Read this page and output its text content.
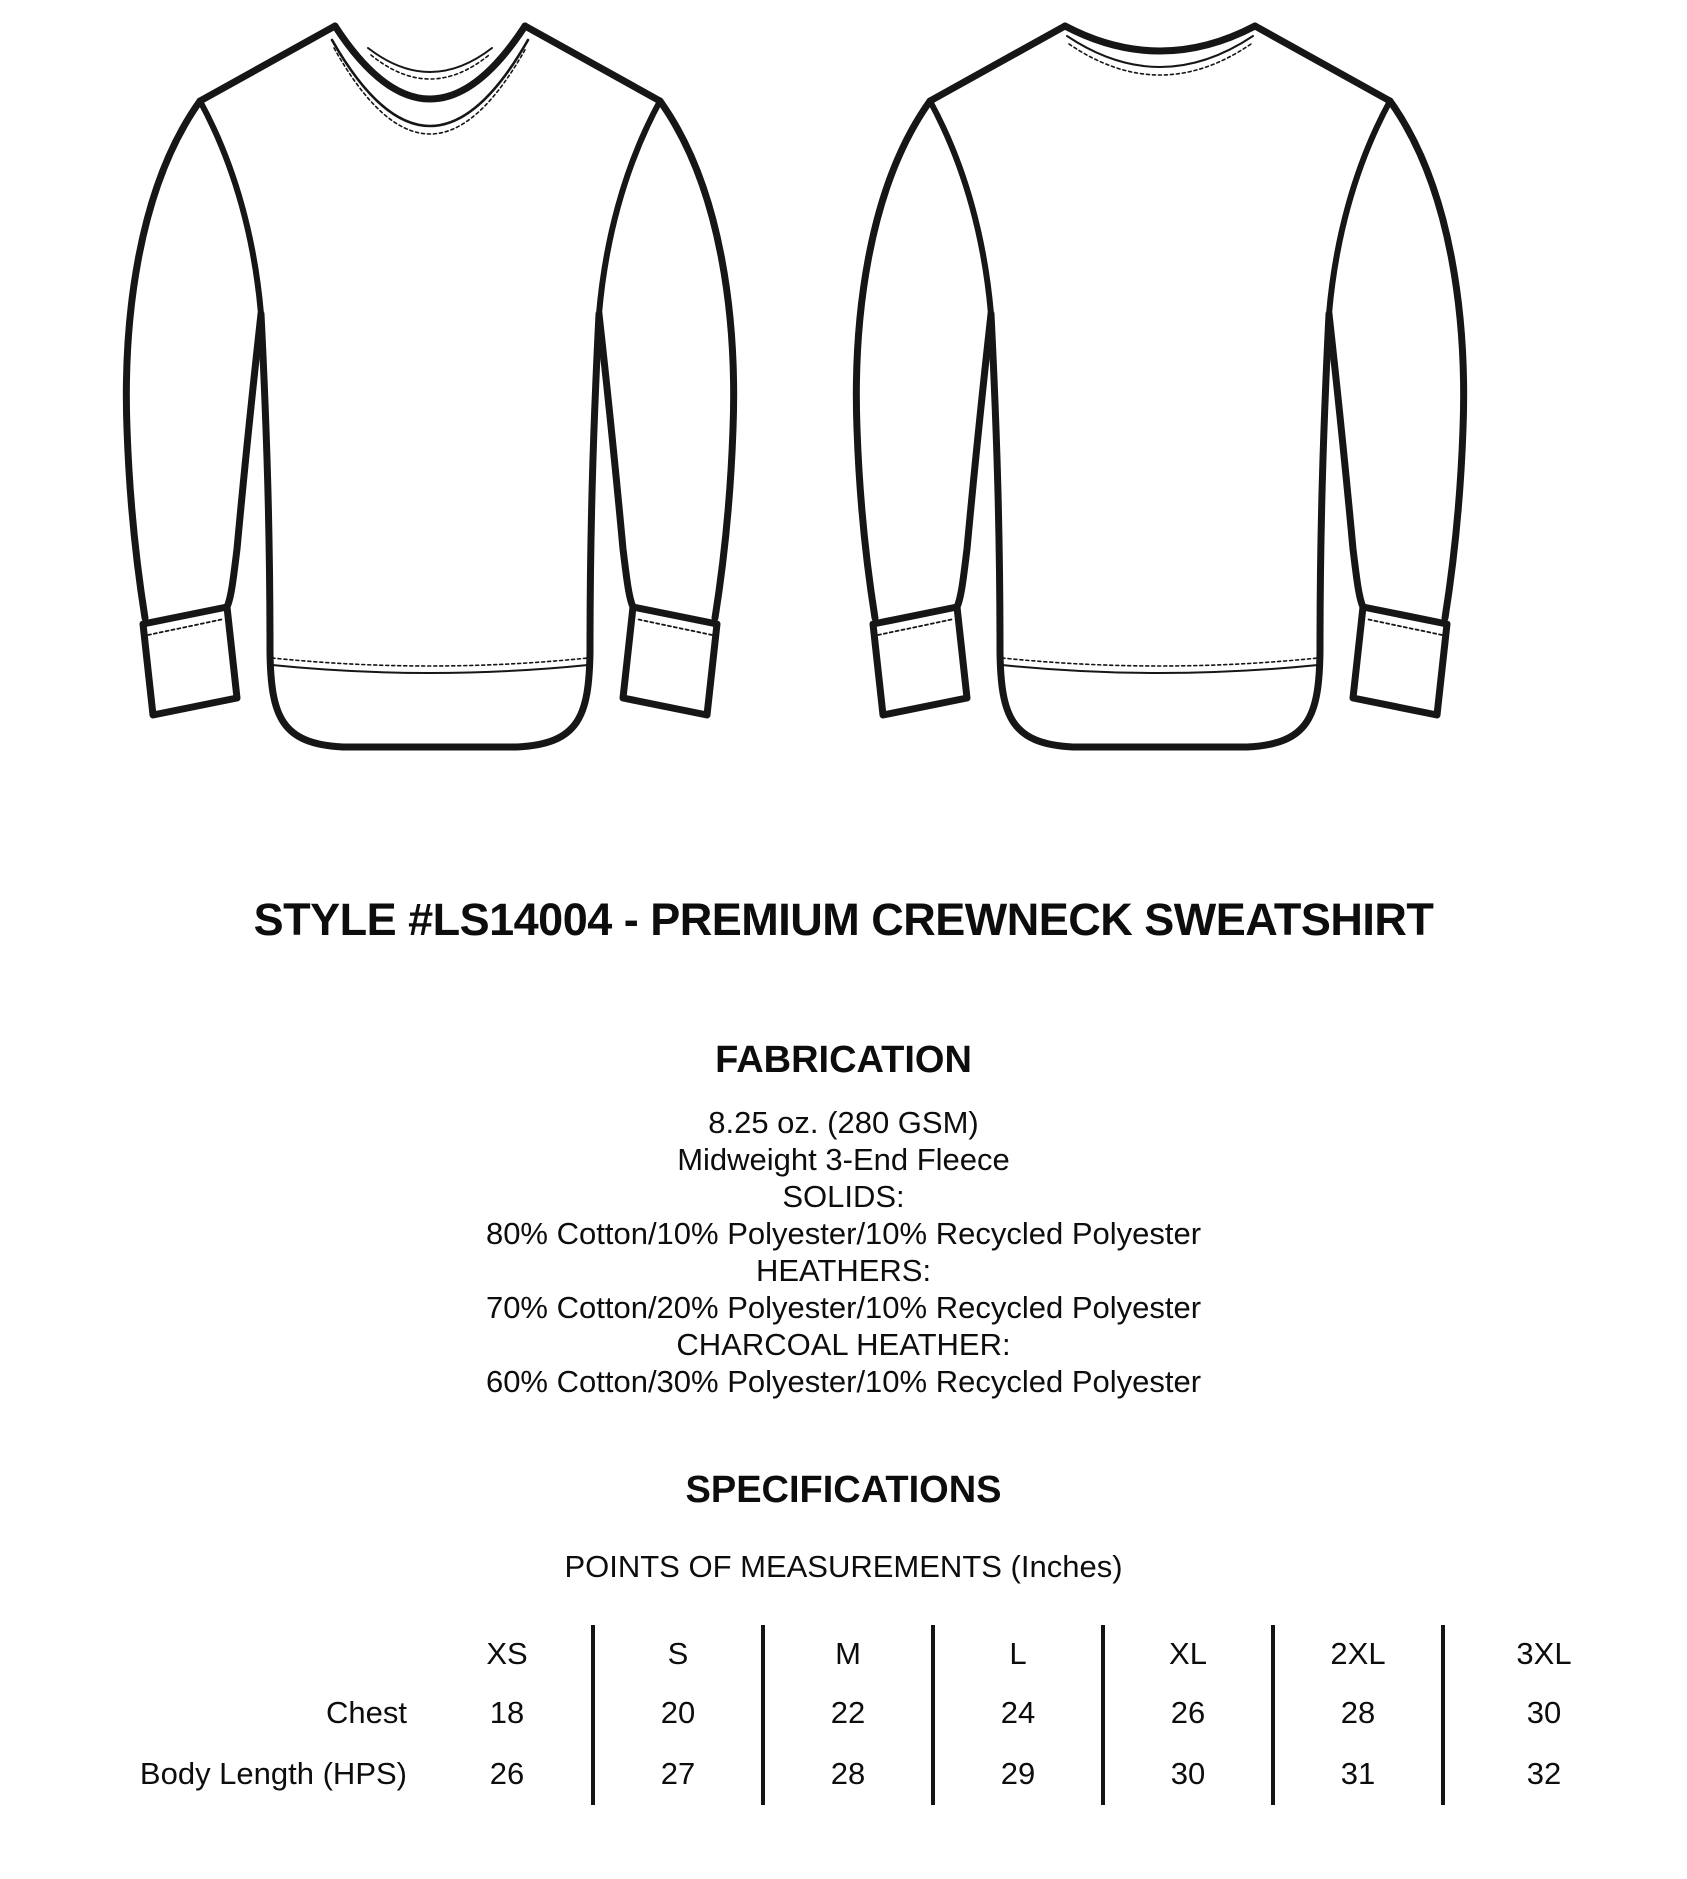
STYLE #LS14004 - PREMIUM CREWNECK SWEATSHIRT
FABRICATION
8.25 oz. (280 GSM)
Midweight 3-End Fleece
SOLIDS:
80% Cotton/10% Polyester/10% Recycled Polyester
HEATHERS:
70% Cotton/20% Polyester/10% Recycled Polyester
CHARCOAL HEATHER:
60% Cotton/30% Polyester/10% Recycled Polyester
SPECIFICATIONS
POINTS OF MEASUREMENTS (Inches)
	XS	S	M	L	XL	2XL	3XL
Chest	18	20	22	24	26	28	30
Body Length (HPS)	26	27	28	29	30	31	32
